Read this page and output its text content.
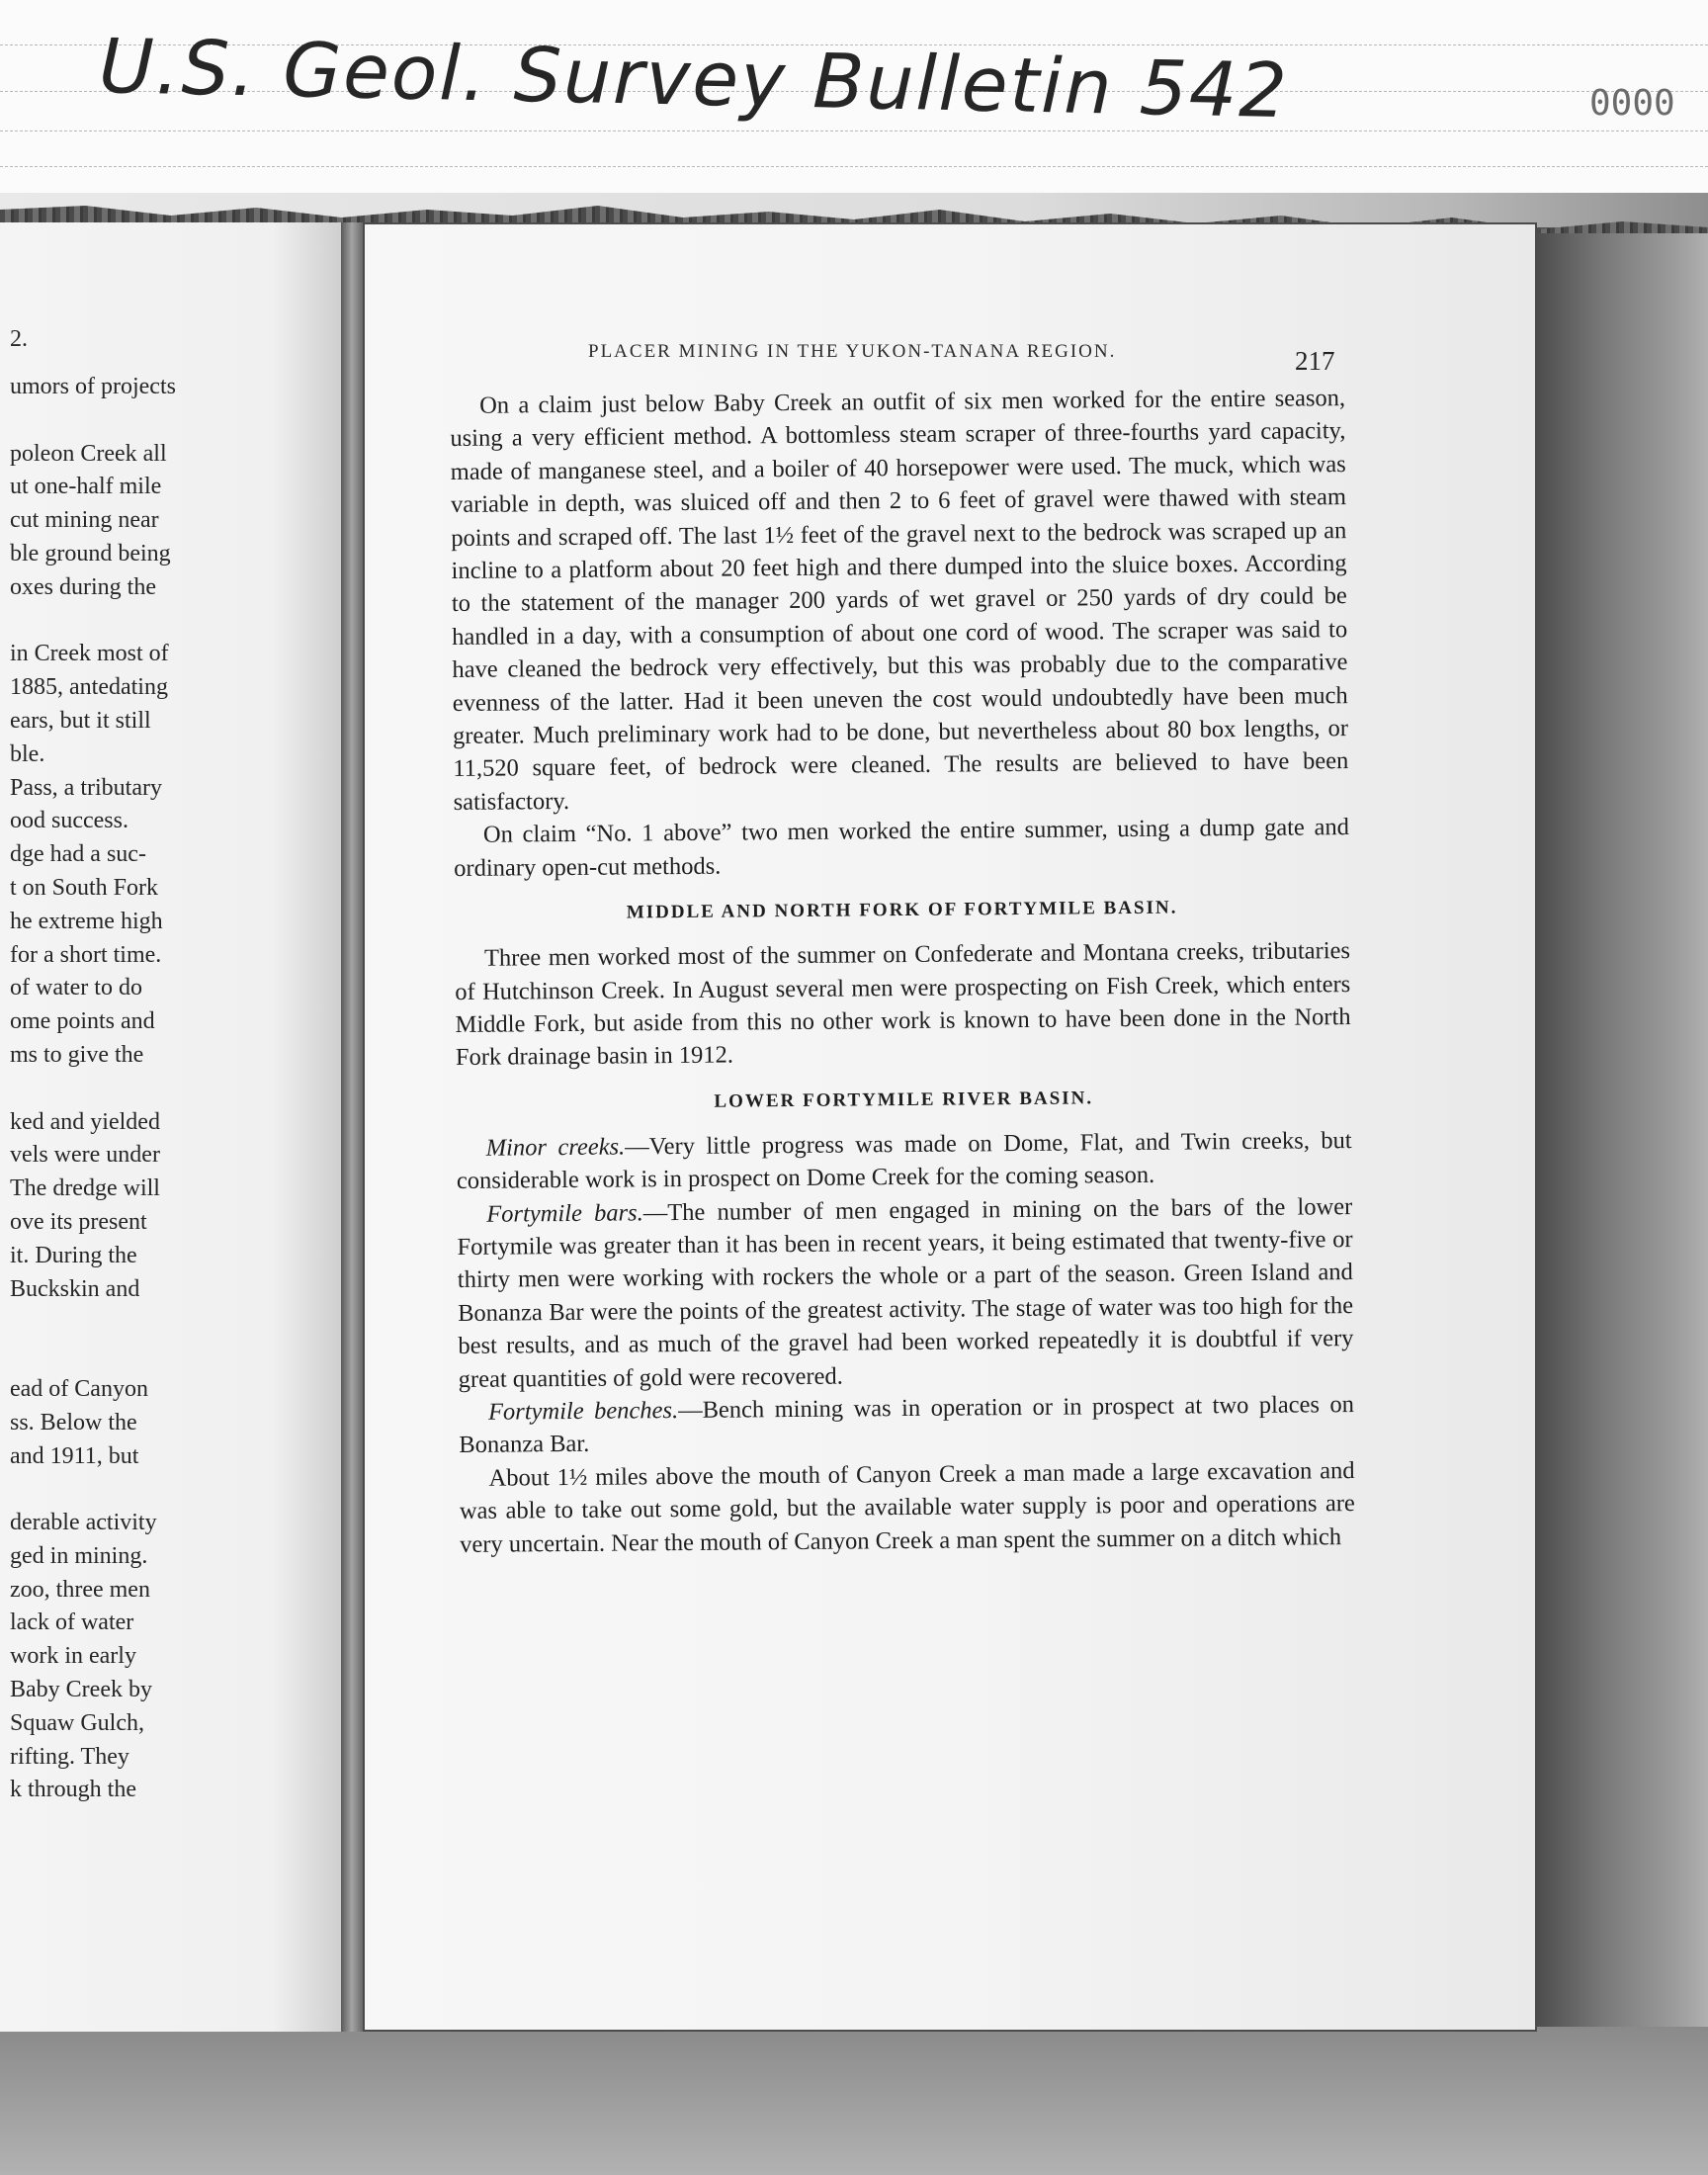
U.S. Geol. Survey Bulletin 542	0000
2.
umors of projects
poleon Creek all
ut one-half mile
cut mining near
ble ground being
oxes during the
in Creek most of
1885, antedating
ears, but it still
ble.
Pass, a tributary
ood success.
dge had a suc-
t on South Fork
he extreme high
for a short time.
of water to do
ome points and
ms to give the
ked and yielded
vels were under
The dredge will
ove its present
it. During the
Buckskin and
ead of Canyon
ss. Below the
and 1911, but
derable activity
ged in mining.
zoo, three men
lack of water
work in early
Baby Creek by
Squaw Gulch,
rifting. They
k through the
PLACER MINING IN THE YUKON-TANANA REGION.	217

On a claim just below Baby Creek an outfit of six men worked for the entire season, using a very efficient method. A bottomless steam scraper of three-fourths yard capacity, made of manganese steel, and a boiler of 40 horsepower were used. The muck, which was variable in depth, was sluiced off and then 2 to 6 feet of gravel were thawed with steam points and scraped off. The last 1½ feet of the gravel next to the bedrock was scraped up an incline to a platform about 20 feet high and there dumped into the sluice boxes. According to the statement of the manager 200 yards of wet gravel or 250 yards of dry could be handled in a day, with a consumption of about one cord of wood. The scraper was said to have cleaned the bedrock very effectively, but this was probably due to the comparative evenness of the latter. Had it been uneven the cost would undoubtedly have been much greater. Much preliminary work had to be done, but nevertheless about 80 box lengths, or 11,520 square feet, of bedrock were cleaned. The results are believed to have been satisfactory.

On claim “No. 1 above” two men worked the entire summer, using a dump gate and ordinary open-cut methods.

MIDDLE AND NORTH FORK OF FORTYMILE BASIN.

Three men worked most of the summer on Confederate and Montana creeks, tributaries of Hutchinson Creek. In August several men were prospecting on Fish Creek, which enters Middle Fork, but aside from this no other work is known to have been done in the North Fork drainage basin in 1912.

LOWER FORTYMILE RIVER BASIN.

Minor creeks.—Very little progress was made on Dome, Flat, and Twin creeks, but considerable work is in prospect on Dome Creek for the coming season.

Fortymile bars.—The number of men engaged in mining on the bars of the lower Fortymile was greater than it has been in recent years, it being estimated that twenty-five or thirty men were working with rockers the whole or a part of the season. Green Island and Bonanza Bar were the points of the greatest activity. The stage of water was too high for the best results, and as much of the gravel had been worked repeatedly it is doubtful if very great quantities of gold were recovered.

Fortymile benches.—Bench mining was in operation or in prospect at two places on Bonanza Bar.

About 1½ miles above the mouth of Canyon Creek a man made a large excavation and was able to take out some gold, but the available water supply is poor and operations are very uncertain. Near the mouth of Canyon Creek a man spent the summer on a ditch which
